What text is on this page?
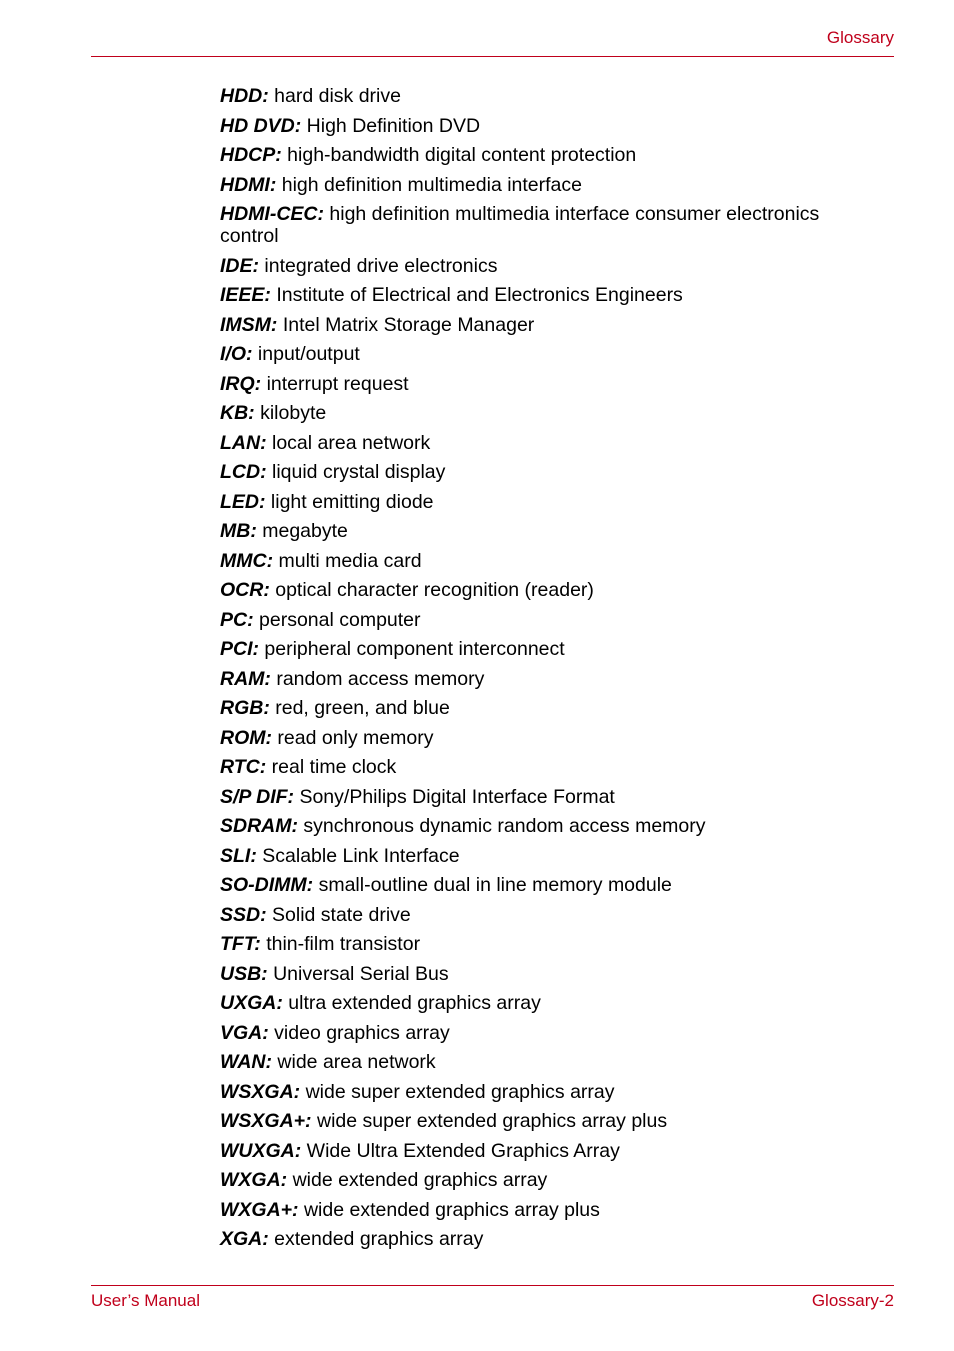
Glossary
HDD: hard disk drive
HD DVD: High Definition DVD
HDCP: high-bandwidth digital content protection
HDMI: high definition multimedia interface
HDMI-CEC: high definition multimedia interface consumer electronics control
IDE: integrated drive electronics
IEEE: Institute of Electrical and Electronics Engineers
IMSM: Intel Matrix Storage Manager
I/O: input/output
IRQ: interrupt request
KB: kilobyte
LAN: local area network
LCD: liquid crystal display
LED: light emitting diode
MB: megabyte
MMC: multi media card
OCR: optical character recognition (reader)
PC: personal computer
PCI: peripheral component interconnect
RAM: random access memory
RGB: red, green, and blue
ROM: read only memory
RTC: real time clock
S/P DIF: Sony/Philips Digital Interface Format
SDRAM: synchronous dynamic random access memory
SLI: Scalable Link Interface
SO-DIMM: small-outline dual in line memory module
SSD: Solid state drive
TFT: thin-film transistor
USB: Universal Serial Bus
UXGA: ultra extended graphics array
VGA: video graphics array
WAN: wide area network
WSXGA: wide super extended graphics array
WSXGA+: wide super extended graphics array plus
WUXGA: Wide Ultra Extended Graphics Array
WXGA: wide extended graphics array
WXGA+: wide extended graphics array plus
XGA: extended graphics array
User’s Manual	Glossary-2
